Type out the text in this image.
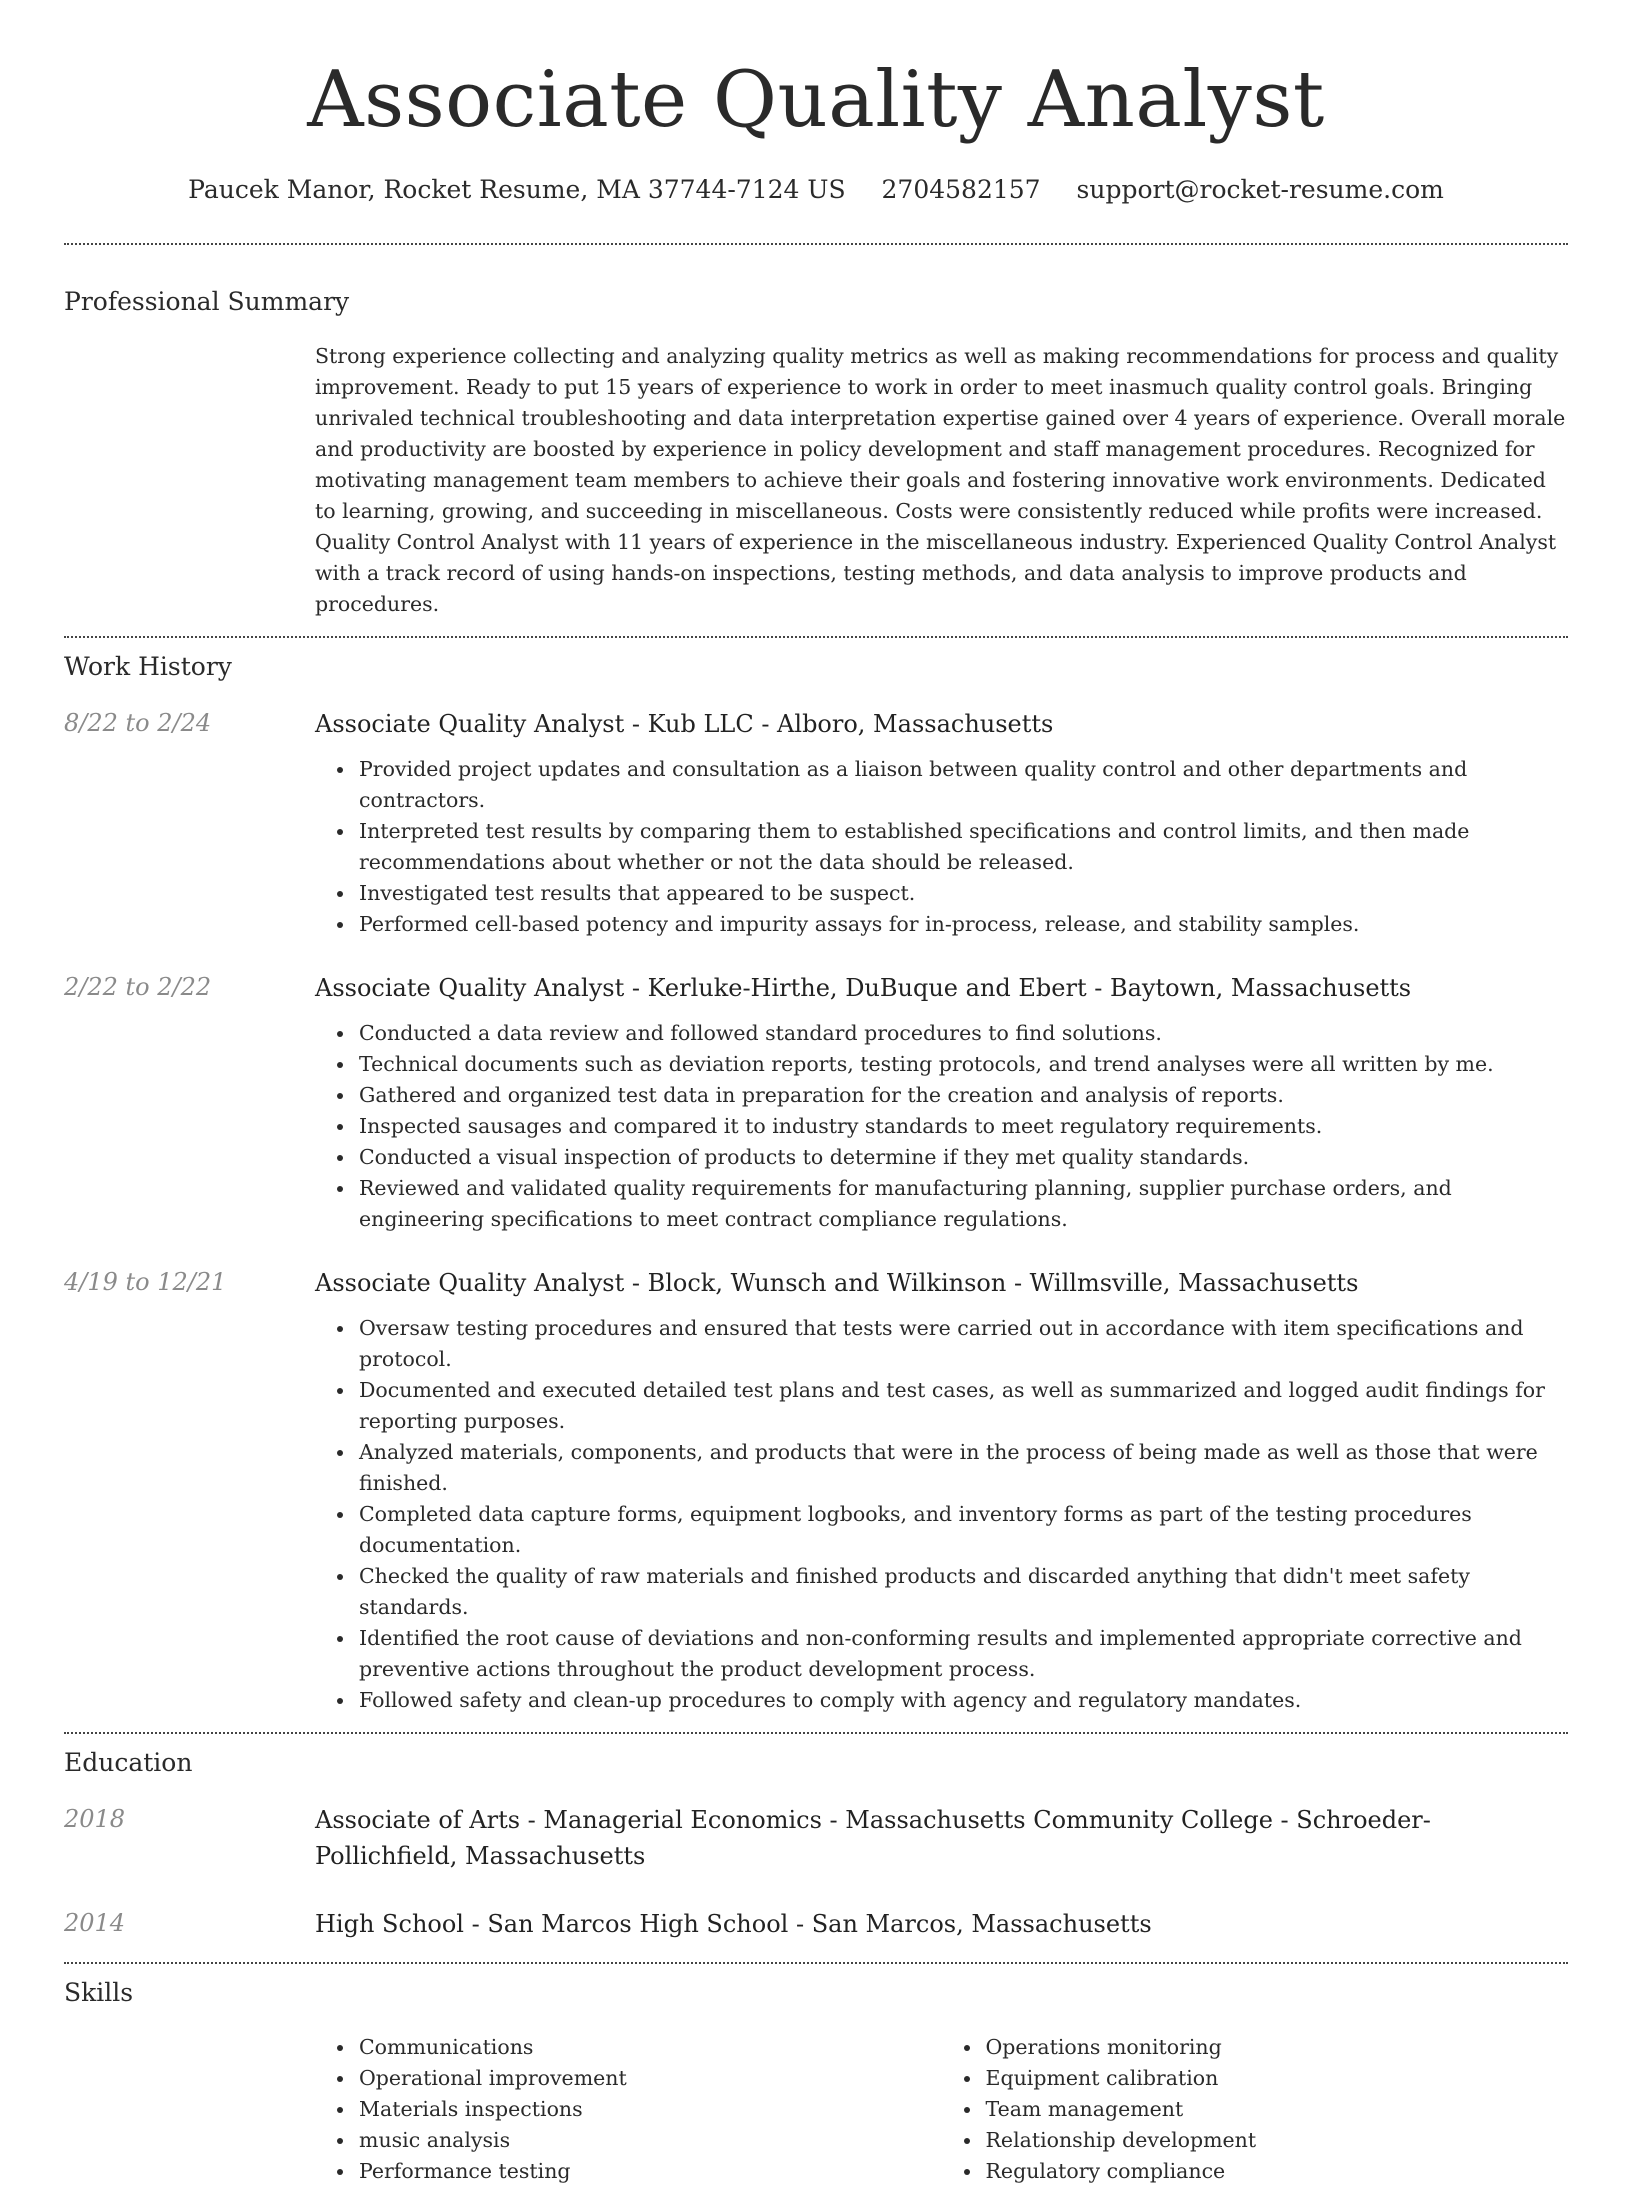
Associate Quality Analyst
Paucek Manor, Rocket Resume, MA 37744-7124 US 2704582157 support@rocket-resume.com
Professional Summary
Strong experience collecting and analyzing quality metrics as well as making recommendations for process and quality improvement. Ready to put 15 years of experience to work in order to meet inasmuch quality control goals. Bringing unrivaled technical troubleshooting and data interpretation expertise gained over 4 years of experience. Overall morale and productivity are boosted by experience in policy development and staff management procedures. Recognized for motivating management team members to achieve their goals and fostering innovative work environments. Dedicated to learning, growing, and succeeding in miscellaneous. Costs were consistently reduced while profits were increased. Quality Control Analyst with 11 years of experience in the miscellaneous industry. Experienced Quality Control Analyst with a track record of using hands-on inspections, testing methods, and data analysis to improve products and procedures.
Work History
8/22 to 2/24	Associate Quality Analyst - Kub LLC - Alboro, Massachusetts
Provided project updates and consultation as a liaison between quality control and other departments and contractors.
Interpreted test results by comparing them to established specifications and control limits, and then made recommendations about whether or not the data should be released.
Investigated test results that appeared to be suspect.
Performed cell-based potency and impurity assays for in-process, release, and stability samples.
2/22 to 2/22	Associate Quality Analyst - Kerluke-Hirthe, DuBuque and Ebert - Baytown, Massachusetts
Conducted a data review and followed standard procedures to find solutions.
Technical documents such as deviation reports, testing protocols, and trend analyses were all written by me.
Gathered and organized test data in preparation for the creation and analysis of reports.
Inspected sausages and compared it to industry standards to meet regulatory requirements.
Conducted a visual inspection of products to determine if they met quality standards.
Reviewed and validated quality requirements for manufacturing planning, supplier purchase orders, and engineering specifications to meet contract compliance regulations.
4/19 to 12/21	Associate Quality Analyst - Block, Wunsch and Wilkinson - Willmsville, Massachusetts
Oversaw testing procedures and ensured that tests were carried out in accordance with item specifications and protocol.
Documented and executed detailed test plans and test cases, as well as summarized and logged audit findings for reporting purposes.
Analyzed materials, components, and products that were in the process of being made as well as those that were finished.
Completed data capture forms, equipment logbooks, and inventory forms as part of the testing procedures documentation.
Checked the quality of raw materials and finished products and discarded anything that didn't meet safety standards.
Identified the root cause of deviations and non-conforming results and implemented appropriate corrective and preventive actions throughout the product development process.
Followed safety and clean-up procedures to comply with agency and regulatory mandates.
Education
2018	Associate of Arts - Managerial Economics - Massachusetts Community College - Schroeder-Pollichfield, Massachusetts
2014	High School - San Marcos High School - San Marcos, Massachusetts
Skills
Communications
Operational improvement
Materials inspections
music analysis
Performance testing
Operations monitoring
Equipment calibration
Team management
Relationship development
Regulatory compliance
